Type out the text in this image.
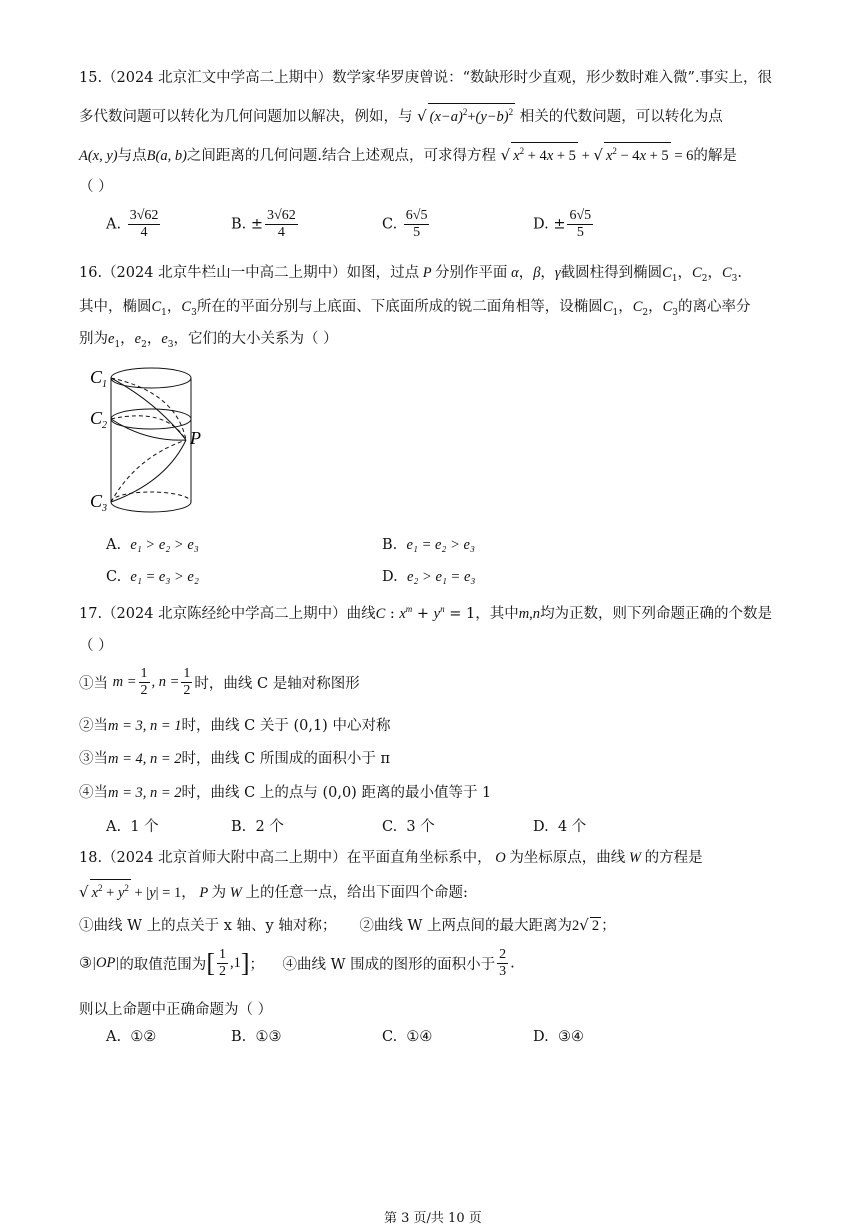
15.（2024 北京汇文中学高二上期中）数学家华罗庚曾说：“数缺形时少直观，形少数时难入微”.事实上，很
多代数问题可以转化为几何问题加以解决，例如，与 √ $(x-a)^2+(y-b)^2$ 相关的代数问题，可以转化为点
A(x, y)与点B(a, b)之间距离的几何问题.结合上述观点，可求得方程 √ $x^2 + 4x + 5$ + √ $x^2 - 4x + 5 = 6$的解是
（ ）
A. $\frac{3√62}{4}$	B. ± $\frac{3√62}{4}$	C. $\frac{6√5}{5}$	D. ± $\frac{6√5}{5}$
16.（2024 北京牛栏山一中高二上期中）如图，过点 P 分别作平面 α，β，γ截圆柱得到椭圆$C_1$，$C_2$，$C_3$.
其中，椭圆$C_1$，$C_3$所在的平面分别与上底面、下底面所成的锐二面角相等，设椭圆$C_1$，$C_2$，$C_3$的离心率分
别为$e_1$，$e_2$，$e_3$，它们的大小关系为（ ）
$C_1$
$C_2$
$C_3$
P
A. e₁ > e₂ > e₃	B. e₁ = e₂ > e₃
C. e₁ = e₃ > e₂	D. e₂ > e₁ = e₃
17.（2024 北京陈经纶中学高二上期中）曲线C : $x^m + y^n = 1$，其中m,n均为正数，则下列命题正确的个数是
（ ）
①当 $m = \frac{1}{2}$ , $n = \frac{1}{2}$ 时，曲线 C 是轴对称图形
②当m = 3, n = 1时，曲线 C 关于 (0,1) 中心对称
③当m = 4, n = 2时，曲线 C 所围成的面积小于 π
④当m = 3, n = 2时，曲线 C 上的点与 (0,0) 距离的最小值等于 1
A. 1 个	B. 2 个	C. 3 个	D. 4 个
18.（2024 北京首师大附中高二上期中）在平面直角坐标系中， O 为坐标原点，曲线 W 的方程是
√ $x^2 + y^2 + |y| = 1$， P 为 W 上的任意一点，给出下面四个命题:
①曲线 W 上的点关于 x 轴、y 轴对称； ②曲线 W 上两点间的最大距离为2√ 2 ；
③|OP|的取值范围为[ $\frac{1}{2} ,1$]；    ④曲线 W 围成的图形的面积小于 $\frac{2}{3}$ .
则以上命题中正确命题为（ ）
A. ①②	B. ①③	C. ①④	D. ③④
第 3 页/共 10 页
